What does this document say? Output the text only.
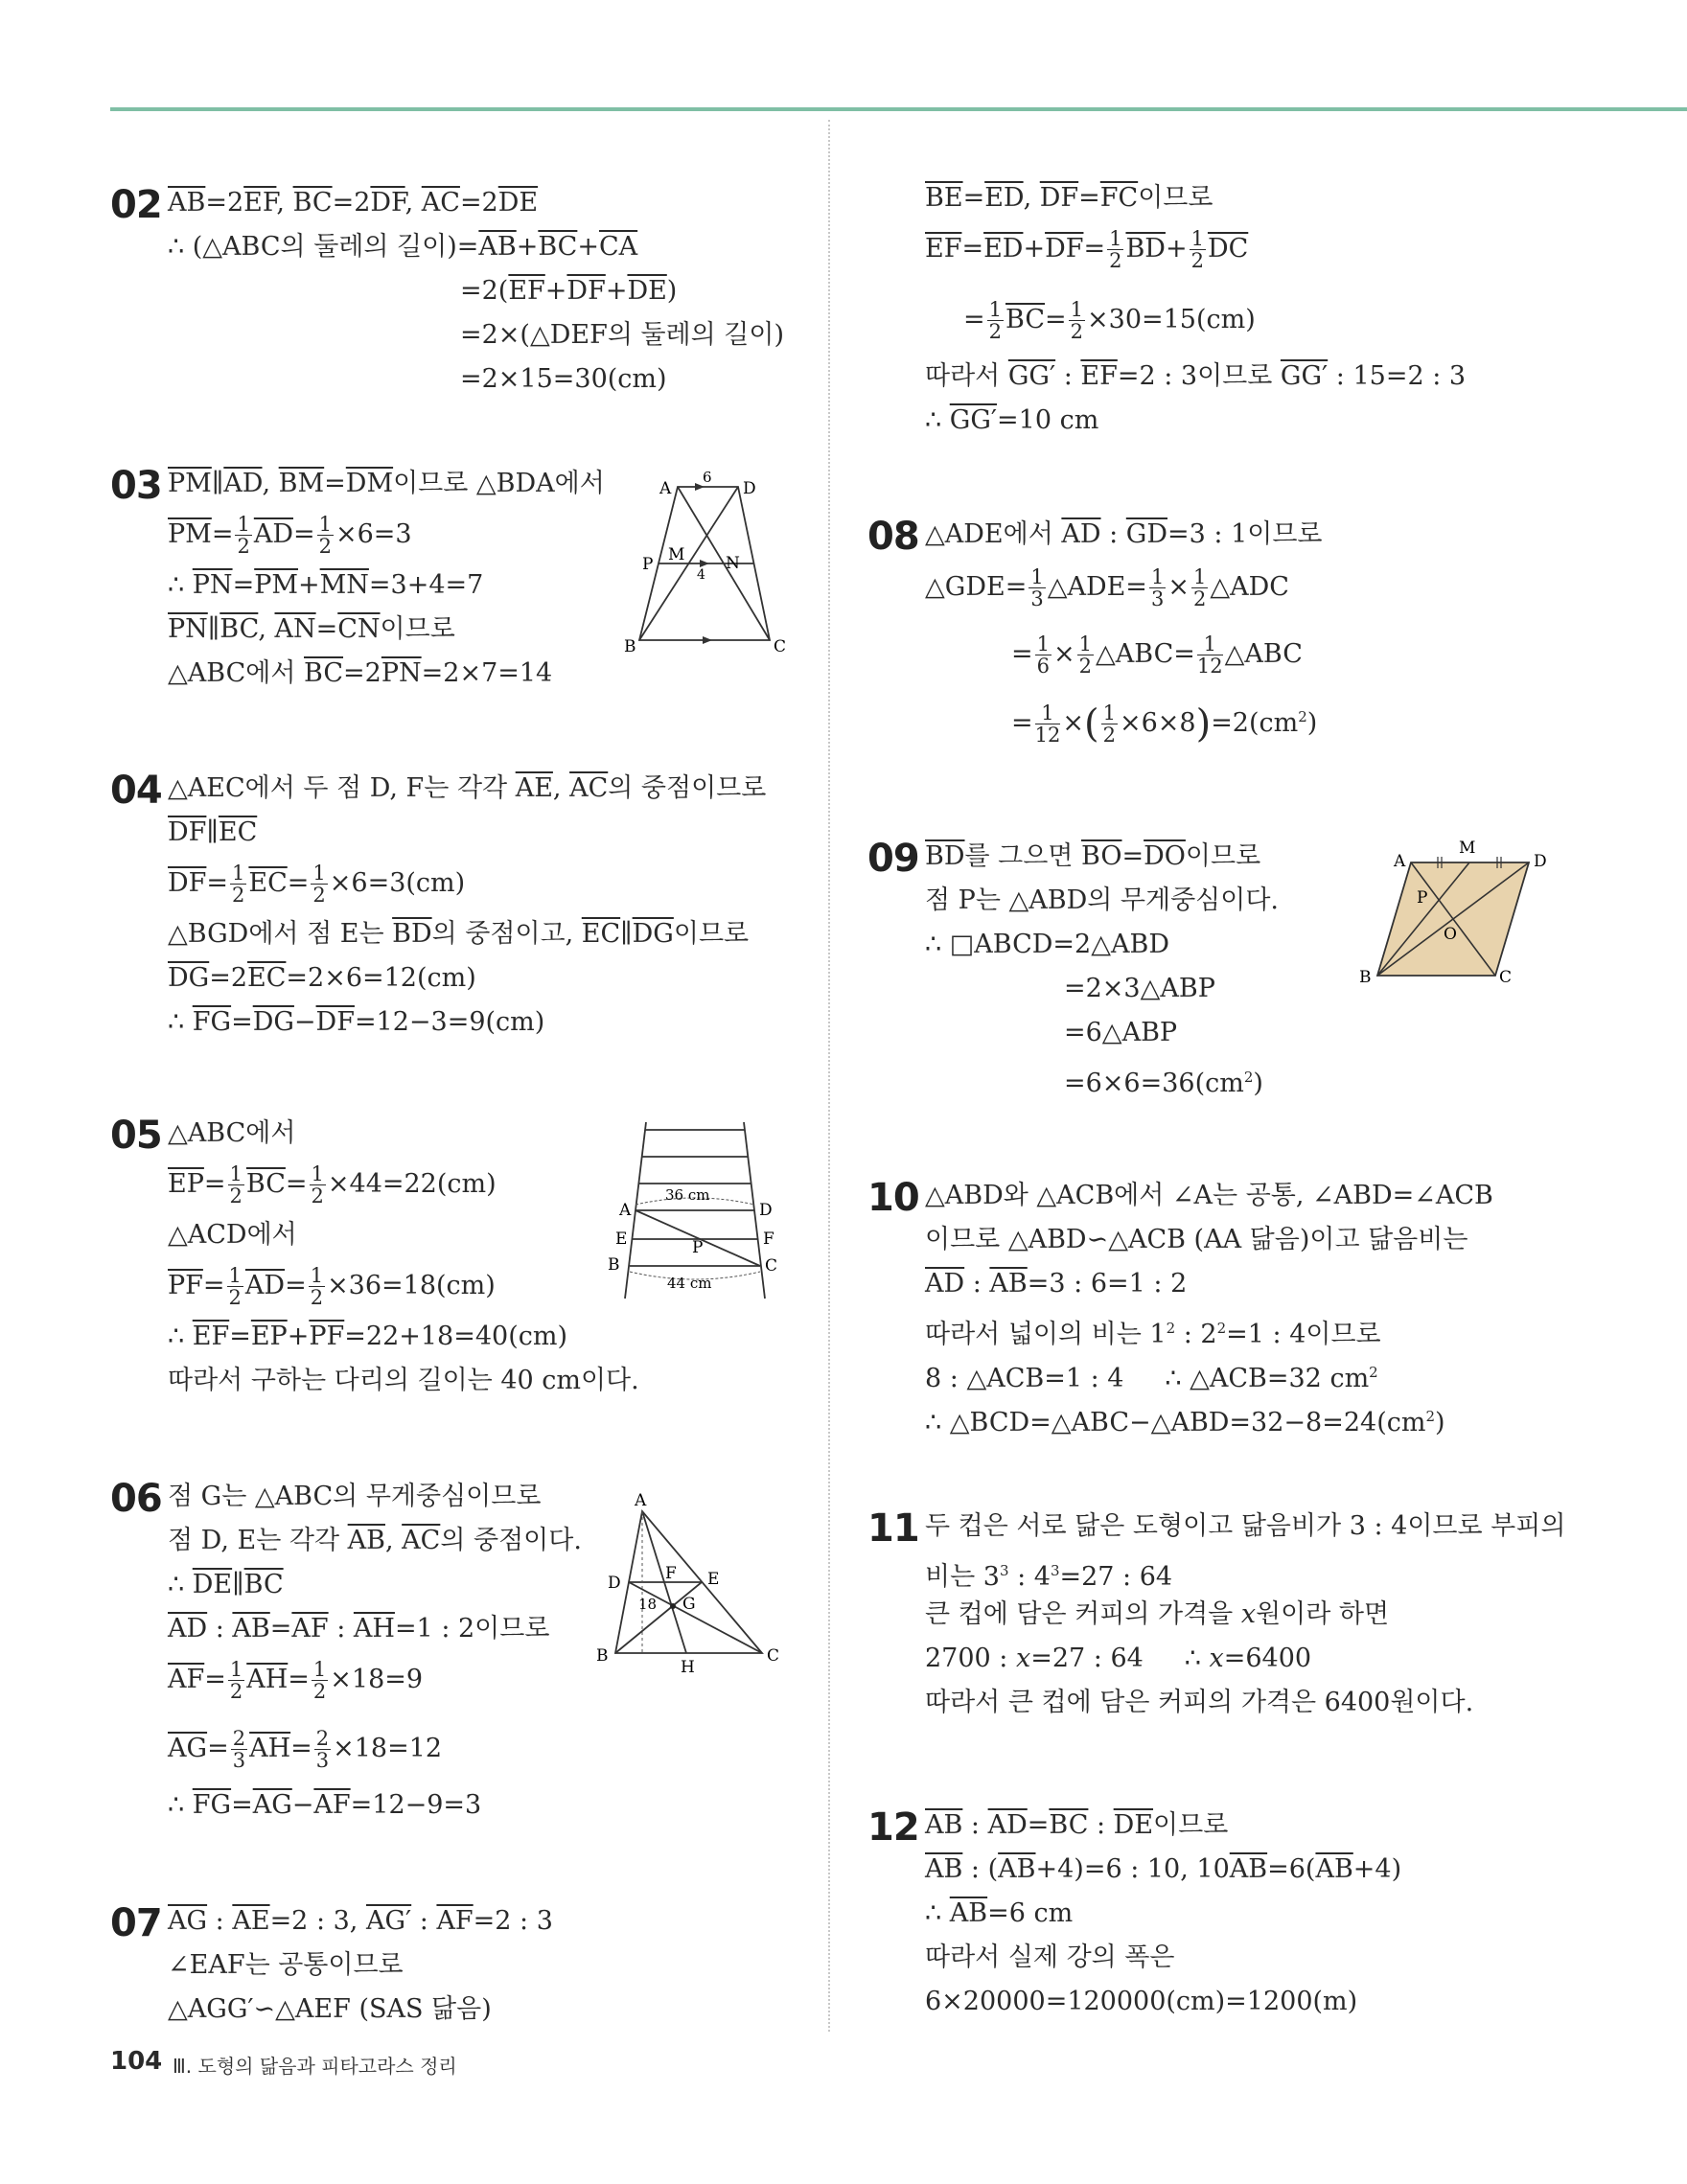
02 $\overline{AB}=2\overline{EF}$, $\overline{BC}=2\overline{DF}$, $\overline{AC}=2\overline{DE}$
∴ (△ABC의 둘레의 길이)$=\overline{AB}+\overline{BC}+\overline{CA}$
$=2(\overline{EF}+\overline{DF}+\overline{DE})$
=2×(△DEF의 둘레의 길이)
=2×15=30(cm)
03 $\overline{PM}\parallel\overline{AD}$, $\overline{BM}=\overline{DM}$이므로 △BDA에서
$\overline{PM}= \frac{1}{2} \overline{AD}= \frac{1}{2} \times 6=3$
∴ $\overline{PN}=\overline{PM}+\overline{MN}=3+4=7$
$\overline{PN}\parallel\overline{BC}$, $\overline{AN}=\overline{CN}$이므로
△ABC에서 $\overline{BC}=2\overline{PN}=2\times 7=14$
A
6
D
P M
4
N
B	C
04 △AEC에서 두 점 D, F는 각각 $\overline{AE}$, $\overline{AC}$의 중점이므로
$\overline{DF}\parallel\overline{EC}$
$\overline{DF}= \frac{1}{2} \overline{EC}= \frac{1}{2} \times 6=3(cm)$
△BGD에서 점 E는 $\overline{BD}$의 중점이고, $\overline{EC}\parallel\overline{DG}$이므로
$\overline{DG}=2\overline{EC}=2\times 6=12(cm)$
∴ $\overline{FG}=\overline{DG}-\overline{DF}=12-3=9(cm)$
05 △ABC에서
$\overline{EP}= \frac{1}{2} \overline{BC}= \frac{1}{2} \times 44=22(cm)$
△ACD에서
$\overline{PF}= \frac{1}{2} \overline{AD}= \frac{1}{2} \times 36=18(cm)$
∴ $\overline{EF}=\overline{EP}+\overline{PF}=22+18=40(cm)$
따라서 구하는 다리의 길이는 40 cm이다.
A
36 cm
D
E	F
P
B	C
44 cm
06 점 G는 △ABC의 무게중심이므로
점 D, E는 각각 $\overline{AB}$, $\overline{AC}$의 중점이다.
∴ $\overline{DE}\parallel\overline{BC}$
$\overline{AD}$ : $\overline{AB}=\overline{AF}$ : $\overline{AH}=1$ : 2이므로
$\overline{AF}= \frac{1}{2} \overline{AH}= \frac{1}{2} \times 18=9$
$\overline{AG}= \frac{2}{3} \overline{AH}= \frac{2}{3} \times 18=12$
∴ $\overline{FG}=\overline{AG}-\overline{AF}=12-9=3$
A
D	F E
18 G
B	C
H
07 $\overline{AG}$ : $\overline{AE}=2$ : 3, AG′ : $\overline{AF}=2$ : 3
∠EAF는 공통이므로
△AGG′∽△AEF (SAS 닮음)
$\overline{BE}=\overline{ED}$, $\overline{DF}=\overline{FC}$이므로
$\overline{EF}=\overline{ED}+\overline{DF}= \frac{1}{2} \overline{BD}+ \frac{1}{2} \overline{DC}$
= $\frac{1}{2} \overline{BC}= \frac{1}{2} \times 30=15(cm)$
따라서 GG′ : $\overline{EF}=2$ : 3이므로 GG′ : 15=2 : 3
∴ GG′=10 cm
08 △ADE에서 $\overline{AD}$ : $\overline{GD}=3$ : 1이므로
△GDE= $\frac{1}{3}$ △ADE= $\frac{1}{3} \times \frac{1}{2}$ △ADC
= $\frac{1}{6} \times \frac{1}{2}$ △ABC= $\frac{1}{12}$ △ABC
= $\frac{1}{12}$ ×( $\frac{1}{2} \times 6\times 8)=2(cm^2)$
09 $\overline{BD}$를 그으면 $\overline{BO}=\overline{DO}$이므로
점 P는 △ABD의 무게중심이다.
∴ □ABCD=2△ABD
=2×3△ABP
=6△ABP
$=6\times 6=36(cm^2)$
A
M
D
P
O
B	C
10 △ABD와 △ACB에서 ∠A는 공통, ∠ABD=∠ACB
이므로 △ABD∽△ACB (AA 닮음)이고 닮음비는
$\overline{AD}$ : $\overline{AB}=3$ : 6=1 : 2
따라서 넓이의 비는 $1^2$ : $2^2=1$ : 4이므로
8 : △ACB=1 : 4     ∴ △ACB=32 $cm^2$
∴ $\triangle BCD=\triangle ABC-\triangle ABD=32-8=24(cm^2)$
11 두 컵은 서로 닮은 도형이고 닮음비가 3 : 4이므로 부피의
비는 $3^3$ : $4^3=27$ : 64
큰 컵에 담은 커피의 가격을 x원이라 하면
2700 : x=27 : 64     ∴ x=6400
따라서 큰 컵에 담은 커피의 가격은 6400원이다.
12 $\overline{AB}$ : $\overline{AD}=\overline{BC}$ : $\overline{DE}$이므로
$\overline{AB}$ : $(\overline{AB}+4)=6$ : 10, $10\overline{AB}=6(\overline{AB}+4)$
∴ $\overline{AB}=6$ cm
따라서 실제 강의 폭은
6×20000=120000(cm)=1200(m)
104 Ⅲ. 도형의 닮음과 피타고라스 정리
